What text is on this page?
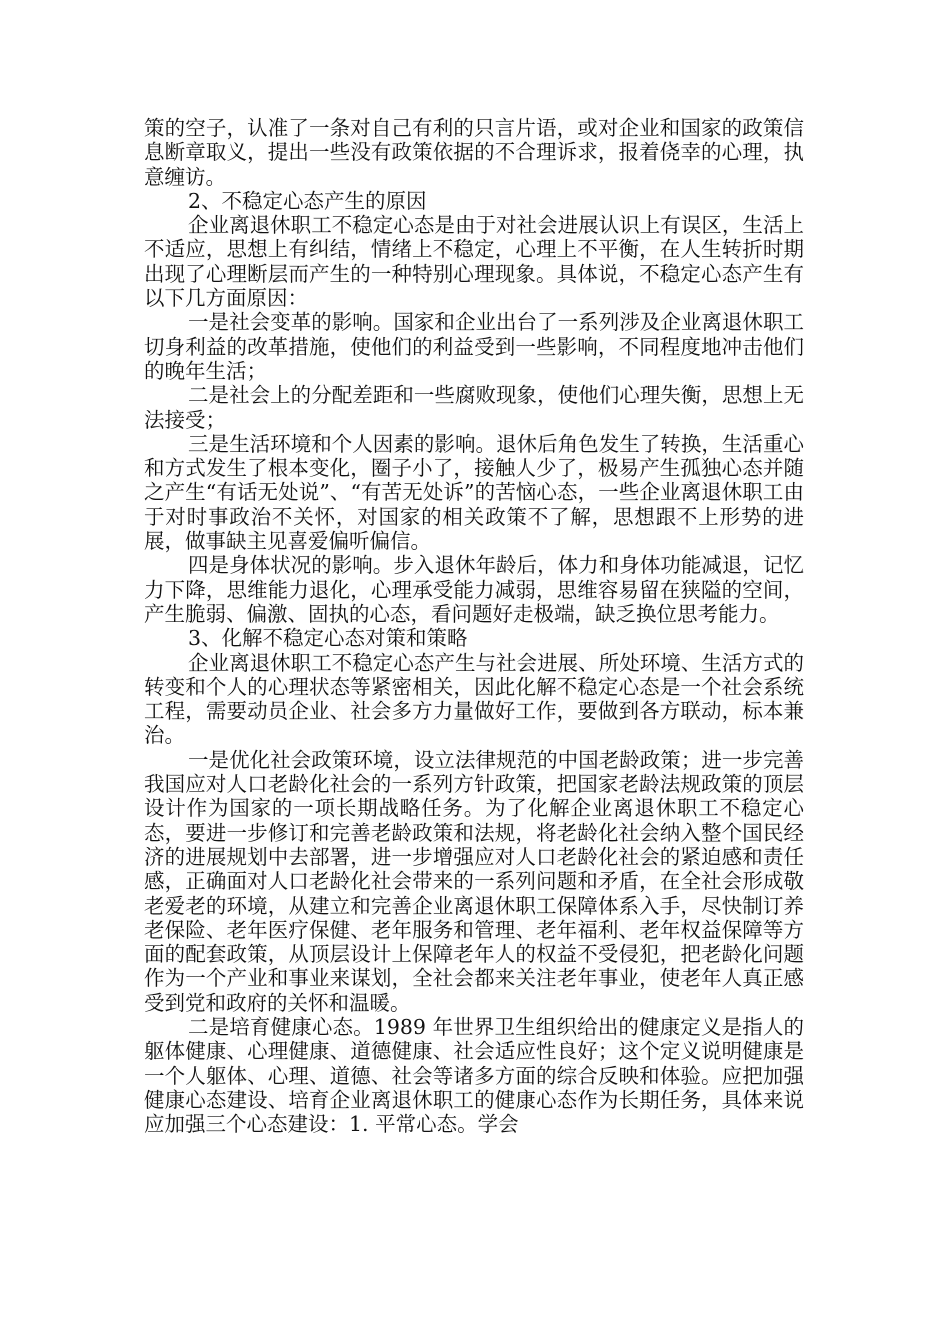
策的空子，认准了一条对自己有利的只言片语，或对企业和国家的政策信息断章取义，提出一些没有政策依据的不合理诉求，报着侥幸的心理，执意缠访。

2、不稳定心态产生的原因

企业离退休职工不稳定心态是由于对社会进展认识上有误区，生活上不适应，思想上有纠结，情绪上不稳定，心理上不平衡，在人生转折时期出现了心理断层而产生的一种特别心理现象。具体说，不稳定心态产生有以下几方面原因：

一是社会变革的影响。国家和企业出台了一系列涉及企业离退休职工切身利益的改革措施，使他们的利益受到一些影响，不同程度地冲击他们的晚年生活；

二是社会上的分配差距和一些腐败现象，使他们心理失衡，思想上无法接受；

三是生活环境和个人因素的影响。退休后角色发生了转换，生活重心和方式发生了根本变化，圈子小了，接触人少了，极易产生孤独心态并随之产生“有话无处说”、“有苦无处诉”的苦恼心态，一些企业离退休职工由于对时事政治不关怀，对国家的相关政策不了解，思想跟不上形势的进展，做事缺主见喜爱偏听偏信。

四是身体状况的影响。步入退休年龄后，体力和身体功能减退，记忆力下降，思维能力退化，心理承受能力减弱，思维容易留在狭隘的空间，产生脆弱、偏激、固执的心态，看问题好走极端，缺乏换位思考能力。

3、化解不稳定心态对策和策略

企业离退休职工不稳定心态产生与社会进展、所处环境、生活方式的转变和个人的心理状态等紧密相关，因此化解不稳定心态是一个社会系统工程，需要动员企业、社会多方力量做好工作，要做到各方联动，标本兼治。

一是优化社会政策环境，设立法律规范的中国老龄政策；进一步完善我国应对人口老龄化社会的一系列方针政策，把国家老龄法规政策的顶层设计作为国家的一项长期战略任务。为了化解企业离退休职工不稳定心态，要进一步修订和完善老龄政策和法规，将老龄化社会纳入整个国民经济的进展规划中去部署，进一步增强应对人口老龄化社会的紧迫感和责任感，正确面对人口老龄化社会带来的一系列问题和矛盾，在全社会形成敬老爱老的环境，从建立和完善企业离退休职工保障体系入手，尽快制订养老保险、老年医疗保健、老年服务和管理、老年福利、老年权益保障等方面的配套政策，从顶层设计上保障老年人的权益不受侵犯，把老龄化问题作为一个产业和事业来谋划，全社会都来关注老年事业，使老年人真正感受到党和政府的关怀和温暖。

二是培育健康心态。1989 年世界卫生组织给出的健康定义是指人的躯体健康、心理健康、道德健康、社会适应性良好；这个定义说明健康是一个人躯体、心理、道德、社会等诸多方面的综合反映和体验。应把加强健康心态建设、培育企业离退休职工的健康心态作为长期任务，具体来说应加强三个心态建设：1. 平常心态。学会
